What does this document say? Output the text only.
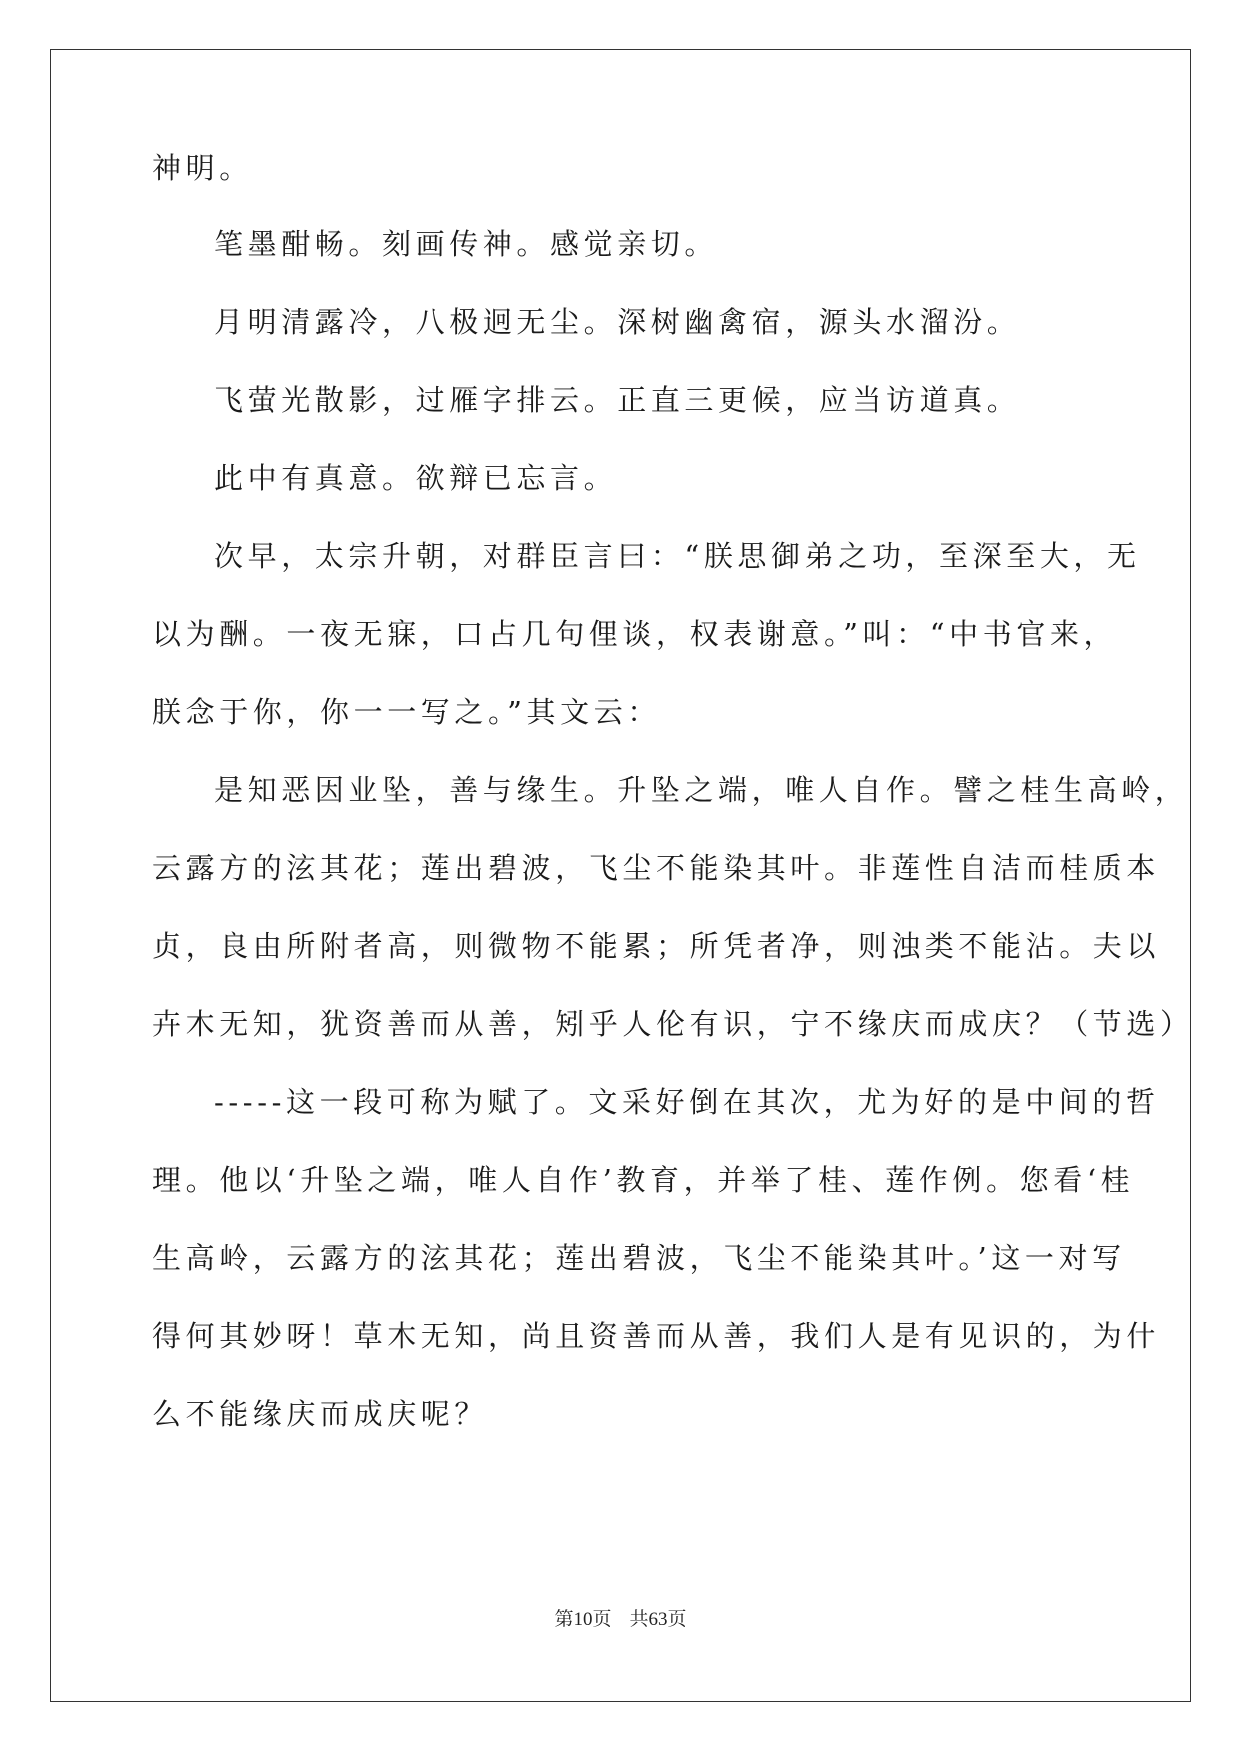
神明。
笔墨酣畅。刻画传神。感觉亲切。
月明清露冷，八极迥无尘。深树幽禽宿，源头水溜汾。
飞萤光散影，过雁字排云。正直三更候，应当访道真。
此中有真意。欲辩已忘言。
次早，太宗升朝，对群臣言曰：“朕思御弟之功，至深至大，无
以为酬。一夜无寐，口占几句俚谈，权表谢意。”叫：“中书官来，
朕念于你，你一一写之。”其文云：
是知恶因业坠，善与缘生。升坠之端，唯人自作。譬之桂生高岭，
云露方的泫其花；莲出碧波，飞尘不能染其叶。非莲性自洁而桂质本
贞，良由所附者高，则微物不能累；所凭者净，则浊类不能沾。夫以
卉木无知，犹资善而从善，矧乎人伦有识，宁不缘庆而成庆？（节选）
-----这一段可称为赋了。文采好倒在其次，尤为好的是中间的哲
理。他以‘升坠之端，唯人自作’教育，并举了桂、莲作例。您看‘桂
生高岭，云露方的泫其花；莲出碧波，飞尘不能染其叶。’这一对写
得何其妙呀！草木无知，尚且资善而从善，我们人是有见识的，为什
么不能缘庆而成庆呢？
第10页 共63页
